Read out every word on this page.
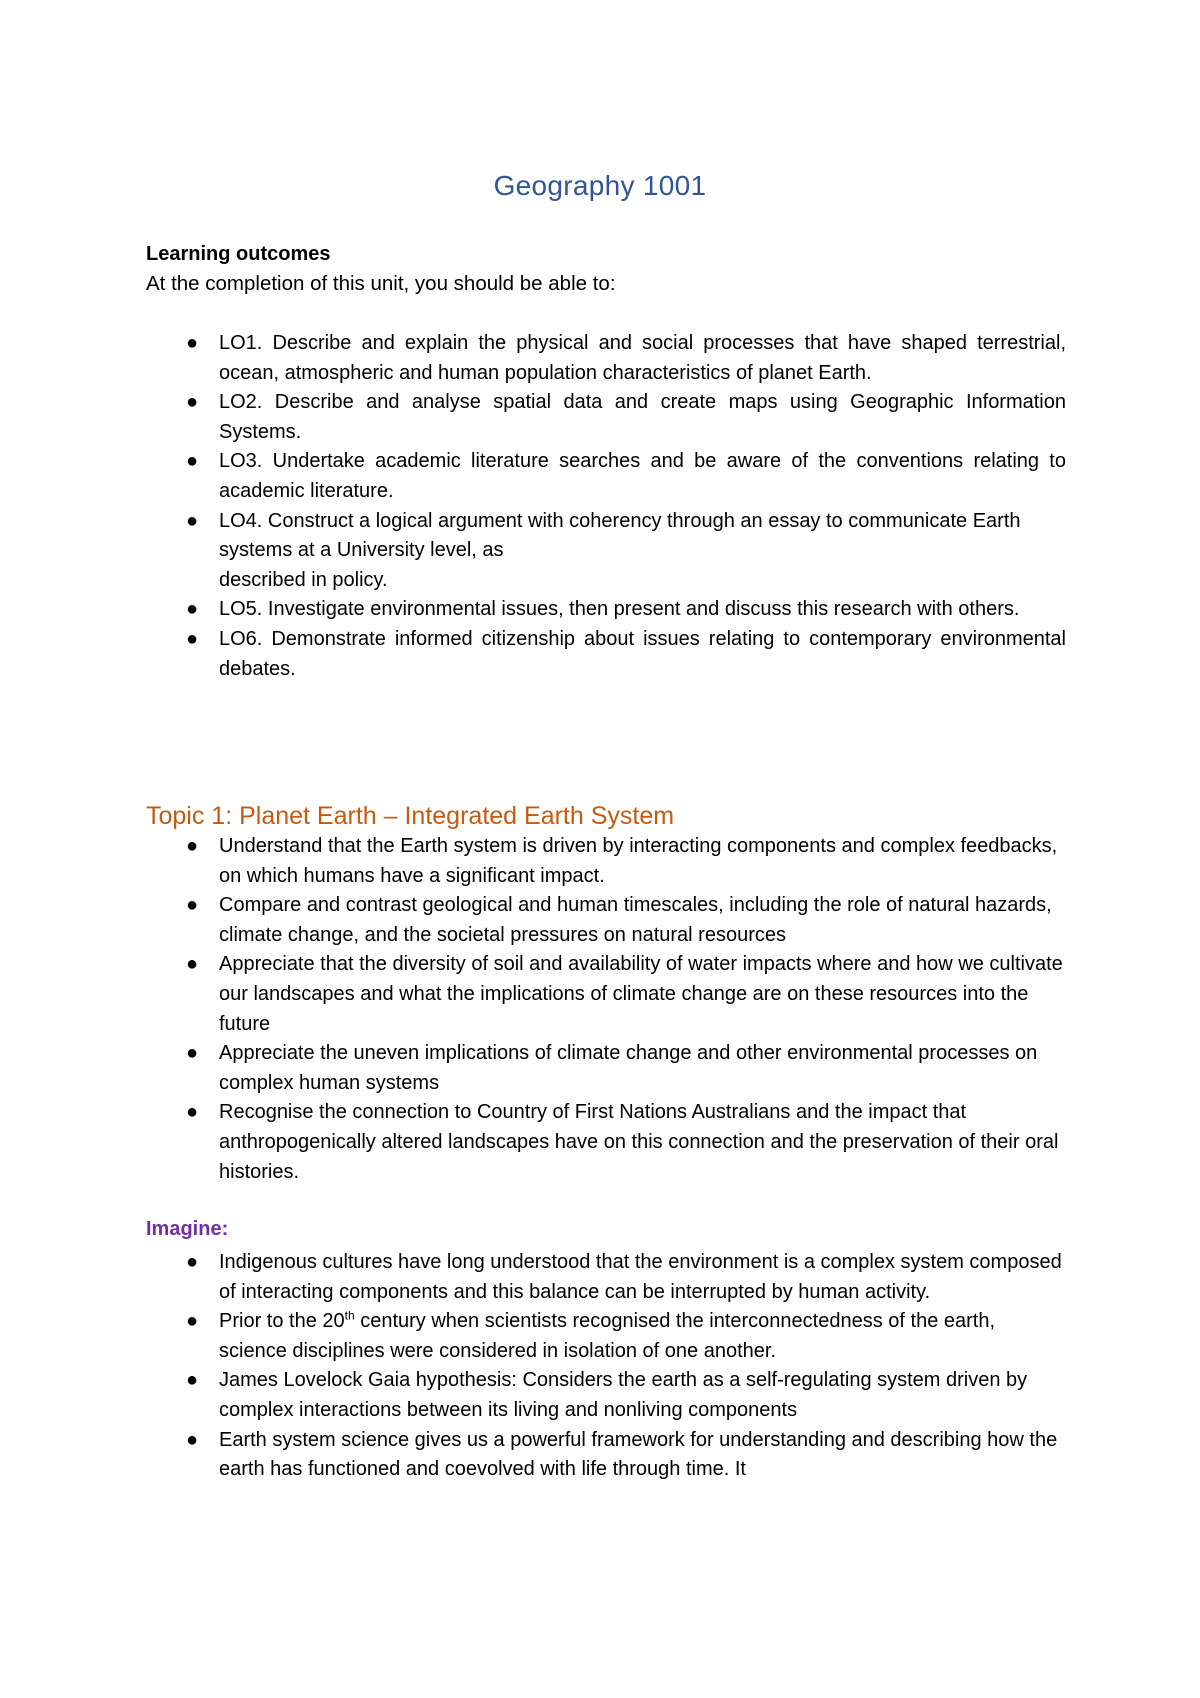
Geography 1001
Learning outcomes
At the completion of this unit, you should be able to:
● LO1. Describe and explain the physical and social processes that have shaped terrestrial, ocean, atmospheric and human population characteristics of planet Earth.
● LO2. Describe and analyse spatial data and create maps using Geographic Information Systems.
● LO3. Undertake academic literature searches and be aware of the conventions relating to academic literature.
● LO4. Construct a logical argument with coherency through an essay to communicate Earth systems at a University level, as
described in policy.
● LO5. Investigate environmental issues, then present and discuss this research with others.
● LO6. Demonstrate informed citizenship about issues relating to contemporary environmental debates.
Topic 1: Planet Earth – Integrated Earth System
● Understand that the Earth system is driven by interacting components and complex feedbacks, on which humans have a significant impact.
● Compare and contrast geological and human timescales, including the role of natural hazards, climate change, and the societal pressures on natural resources
● Appreciate that the diversity of soil and availability of water impacts where and how we cultivate our landscapes and what the implications of climate change are on these resources into the future
● Appreciate the uneven implications of climate change and other environmental processes on complex human systems
● Recognise the connection to Country of First Nations Australians and the impact that anthropogenically altered landscapes have on this connection and the preservation of their oral histories.
Imagine:
● Indigenous cultures have long understood that the environment is a complex system composed of interacting components and this balance can be interrupted by human activity.
● Prior to the 20th century when scientists recognised the interconnectedness of the earth, science disciplines were considered in isolation of one another.
● James Lovelock Gaia hypothesis: Considers the earth as a self-regulating system driven by complex interactions between its living and nonliving components
● Earth system science gives us a powerful framework for understanding and describing how the earth has functioned and coevolved with life through time. It
